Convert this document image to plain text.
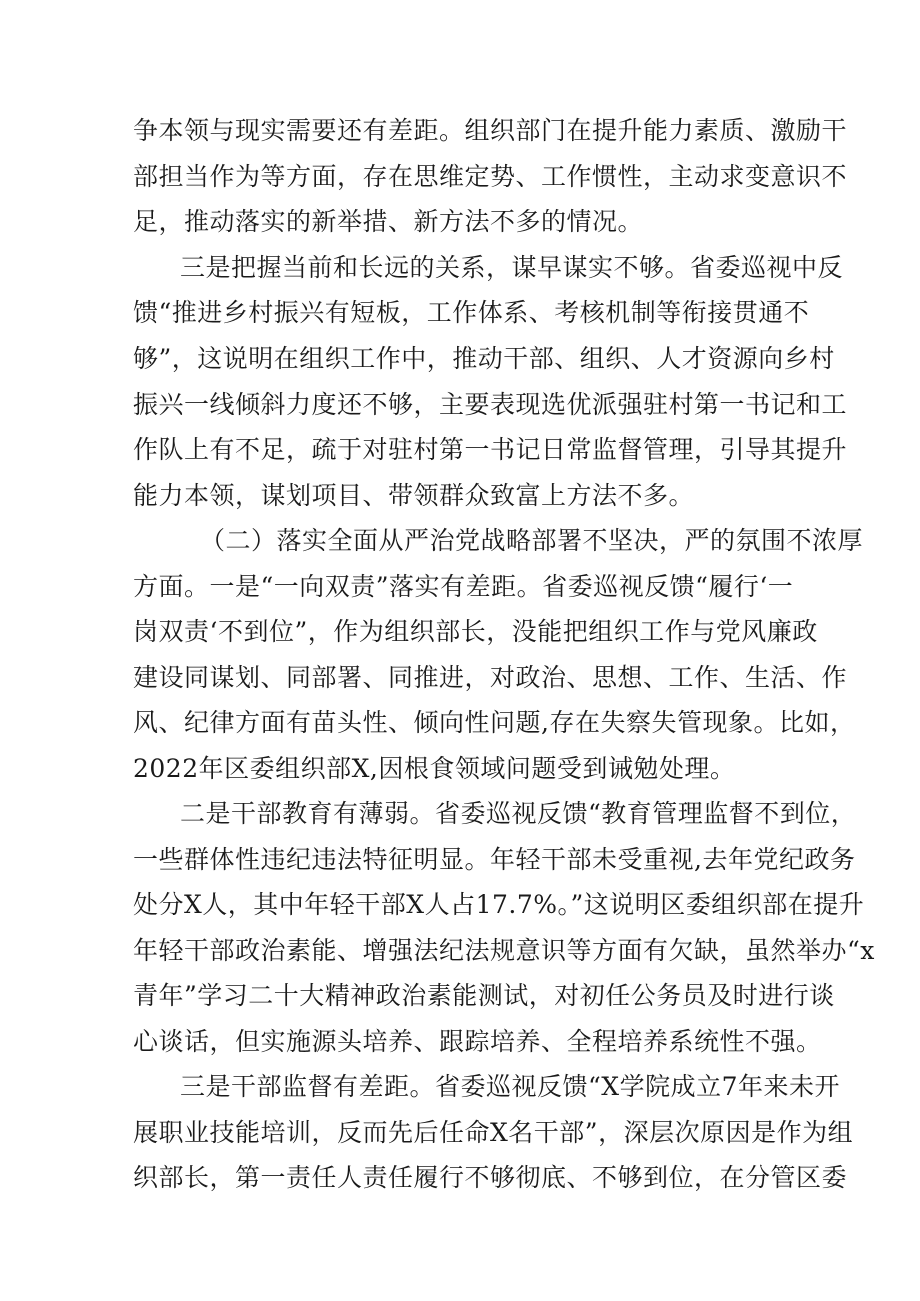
争本领与现实需要还有差距。组织部门在提升能力素质、激励干
部担当作为等方面，存在思维定势、工作惯性，主动求变意识不
足，推动落实的新举措、新方法不多的情况。
三是把握当前和长远的关系，谋早谋实不够。省委巡视中反
馈“推进乡村振兴有短板，工作体系、考核机制等衔接贯通不
够”，这说明在组织工作中，推动干部、组织、人才资源向乡村
振兴一线倾斜力度还不够，主要表现选优派强驻村第一书记和工
作队上有不足，疏于对驻村第一书记日常监督管理，引导其提升
能力本领，谋划项目、带领群众致富上方法不多。
（二）落实全面从严治党战略部署不坚决，严的氛围不浓厚
方面。一是“一向双责”落实有差距。省委巡视反馈“履行‘一
岗双责‘不到位”，作为组织部长，没能把组织工作与党风廉政
建设同谋划、同部署、同推进，对政治、思想、工作、生活、作
风、纪律方面有苗头性、倾向性问题,存在失察失管现象。比如，
2022年区委组织部X,因根食领域问题受到诫勉处理。
二是干部教育有薄弱。省委巡视反馈“教育管理监督不到位，
一些群体性违纪违法特征明显。年轻干部未受重视,去年党纪政务
处分X人，其中年轻干部X人占17.7%。”这说明区委组织部在提升
年轻干部政治素能、增强法纪法规意识等方面有欠缺，虽然举办“x
青年”学习二十大精神政治素能测试，对初任公务员及时进行谈
心谈话，但实施源头培养、跟踪培养、全程培养系统性不强。
三是干部监督有差距。省委巡视反馈“X学院成立7年来未开
展职业技能培训，反而先后任命X名干部”，深层次原因是作为组
织部长，第一责任人责任履行不够彻底、不够到位，在分管区委
